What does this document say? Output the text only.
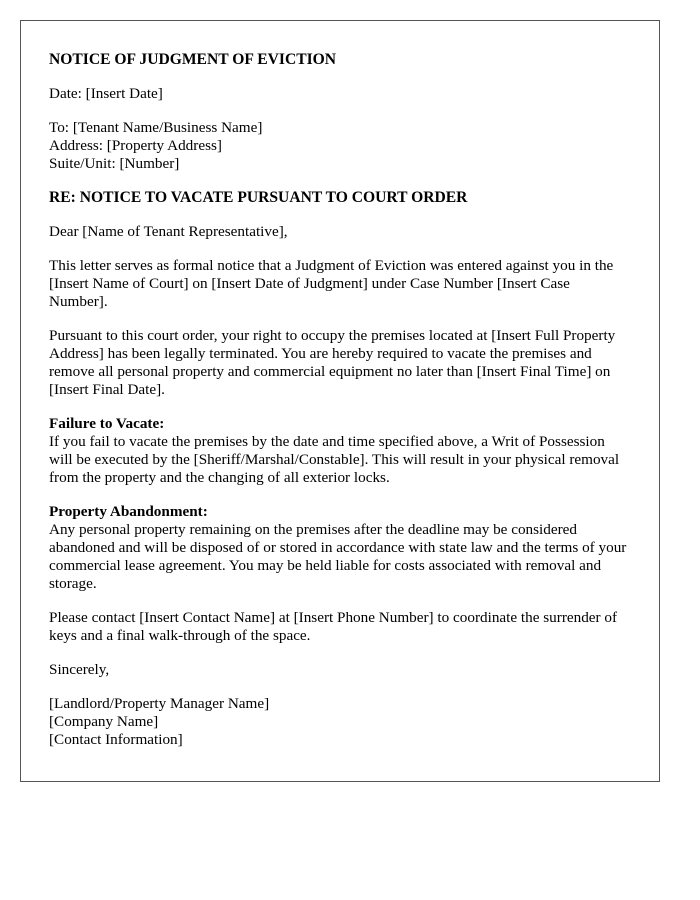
NOTICE OF JUDGMENT OF EVICTION

Date: [Insert Date]

To: [Tenant Name/Business Name]
Address: [Property Address]
Suite/Unit: [Number]

RE: NOTICE TO VACATE PURSUANT TO COURT ORDER

Dear [Name of Tenant Representative],

This letter serves as formal notice that a Judgment of Eviction was entered against you in the [Insert Name of Court] on [Insert Date of Judgment] under Case Number [Insert Case Number].

Pursuant to this court order, your right to occupy the premises located at [Insert Full Property Address] has been legally terminated. You are hereby required to vacate the premises and remove all personal property and commercial equipment no later than [Insert Final Time] on [Insert Final Date].

Failure to Vacate:
If you fail to vacate the premises by the date and time specified above, a Writ of Possession will be executed by the [Sheriff/Marshal/Constable]. This will result in your physical removal from the property and the changing of all exterior locks.

Property Abandonment:
Any personal property remaining on the premises after the deadline may be considered abandoned and will be disposed of or stored in accordance with state law and the terms of your commercial lease agreement. You may be held liable for costs associated with removal and storage.

Please contact [Insert Contact Name] at [Insert Phone Number] to coordinate the surrender of keys and a final walk-through of the space.

Sincerely,

[Landlord/Property Manager Name]
[Company Name]
[Contact Information]
